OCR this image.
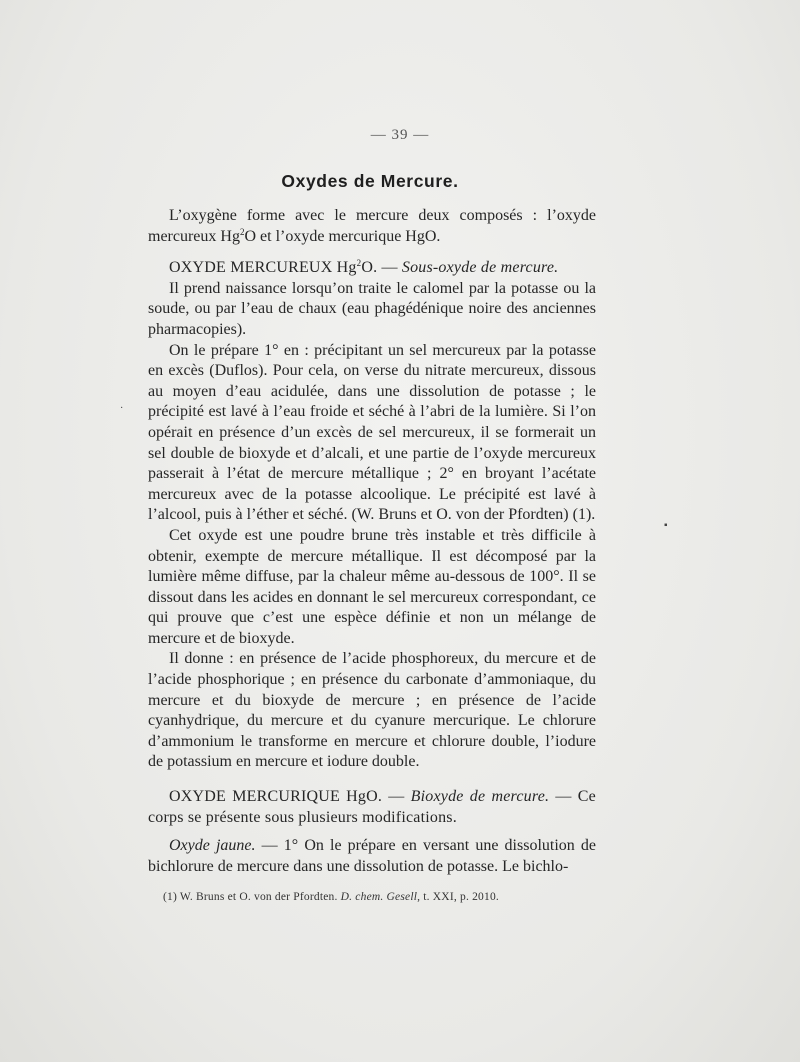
— 39 —
Oxydes de Mercure.

L’oxygène forme avec le mercure deux composés : l’oxyde mercureux Hg$^2$O et l’oxyde mercurique HgO.

OXYDE MERCUREUX Hg$^2$O. — Sous-oxyde de mercure.

Il prend naissance lorsqu’on traite le calomel par la potasse ou la soude, ou par l’eau de chaux (eau phagédénique noire des anciennes pharmacopies).

On le prépare 1° en : précipitant un sel mercureux par la potasse en excès (Duflos). Pour cela, on verse du nitrate mercureux, dissous au moyen d’eau acidulée, dans une dissolution de potasse ; le précipité est lavé à l’eau froide et séché à l’abri de la lumière. Si l’on opérait en présence d’un excès de sel mercureux, il se formerait un sel double de bioxyde et d’alcali, et une partie de l’oxyde mercureux passerait à l’état de mercure métallique ; 2° en broyant l’acétate mercureux avec de la potasse alcoolique. Le précipité est lavé à l’alcool, puis à l’éther et séché. (W. Bruns et O. von der Pfordten) (1).

Cet oxyde est une poudre brune très instable et très difficile à obtenir, exempte de mercure métallique. Il est décomposé par la lumière même diffuse, par la chaleur même au-dessous de 100°. Il se dissout dans les acides en donnant le sel mercureux correspondant, ce qui prouve que c’est une espèce définie et non un mélange de mercure et de bioxyde.

Il donne : en présence de l’acide phosphoreux, du mercure et de l’acide phosphorique ; en présence du carbonate d’ammoniaque, du mercure et du bioxyde de mercure ; en présence de l’acide cyanhydrique, du mercure et du cyanure mercurique. Le chlorure d’ammonium le transforme en mercure et chlorure double, l’iodure de potassium en mercure et iodure double.

OXYDE MERCURIQUE HgO. — Bioxyde de mercure. — Ce corps se présente sous plusieurs modifications.

Oxyde jaune. — 1° On le prépare en versant une dissolution de bichlorure de mercure dans une dissolution de potasse. Le bichlo-

(1) W. Bruns et O. von der Pfordten. D. chem. Gesell, t. XXI, p. 2010.
·
▪
